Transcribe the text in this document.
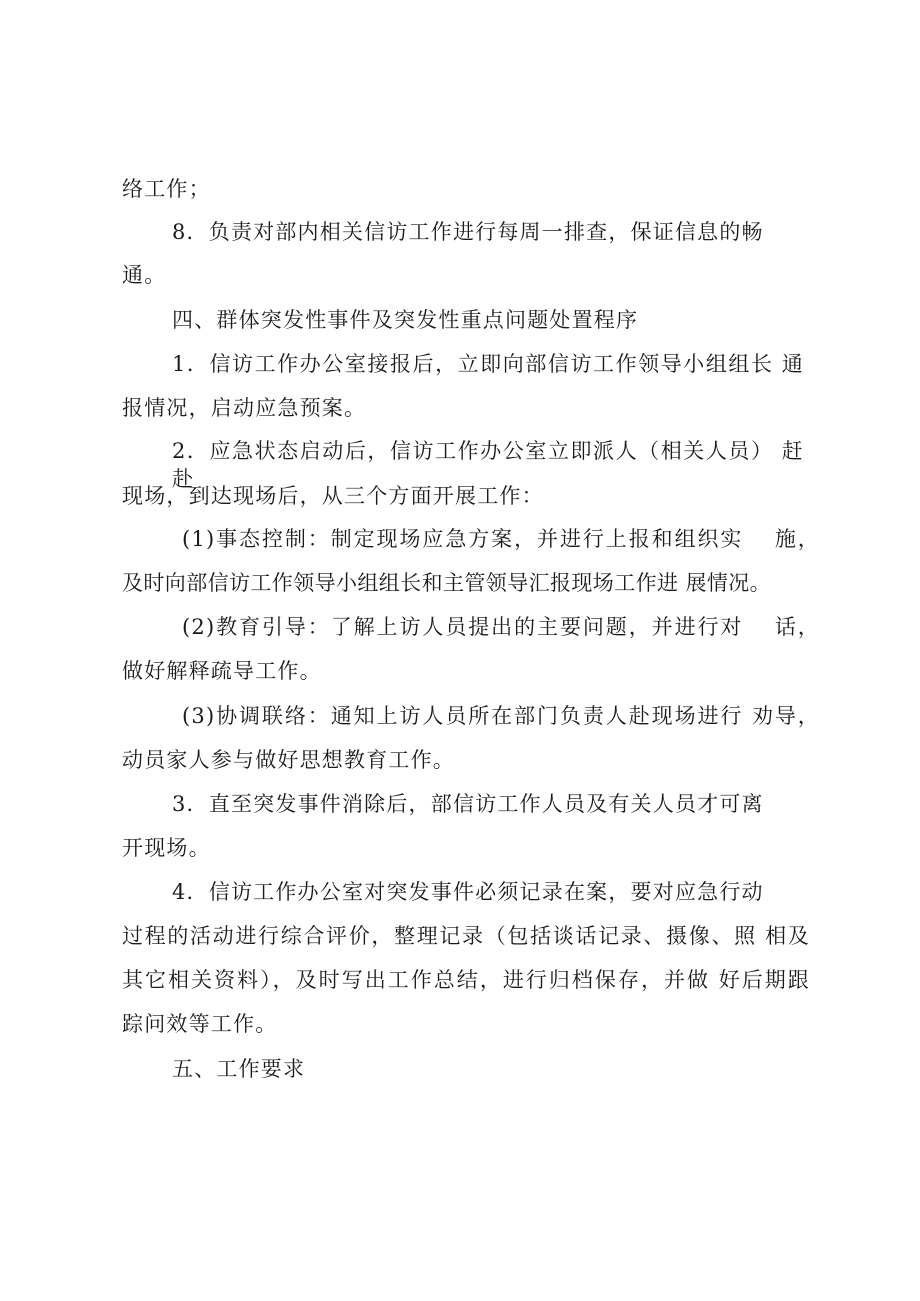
络工作；
8．负责对部内相关信访工作进行每周一排查，保证信息的畅
通。
四、群体突发性事件及突发性重点问题处置程序
1．信访工作办公室接报后，立即向部信访工作领导小组组长 通
报情况，启动应急预案。
2．应急状态启动后，信访工作办公室立即派人（相关人员） 赶赴
现场，到达现场后，从三个方面开展工作：
(1)事态控制：制定现场应急方案，并进行上报和组织实　 施，
及时向部信访工作领导小组组长和主管领导汇报现场工作进 展情况。
(2)教育引导：了解上访人员提出的主要问题，并进行对　 话，
做好解释疏导工作。
(3)协调联络：通知上访人员所在部门负责人赴现场进行 劝导，
动员家人参与做好思想教育工作。
3．直至突发事件消除后，部信访工作人员及有关人员才可离
开现场。
4．信访工作办公室对突发事件必须记录在案，要对应急行动
过程的活动进行综合评价，整理记录（包括谈话记录、摄像、照 相及
其它相关资料），及时写出工作总结，进行归档保存，并做 好后期跟
踪问效等工作。
五、工作要求
